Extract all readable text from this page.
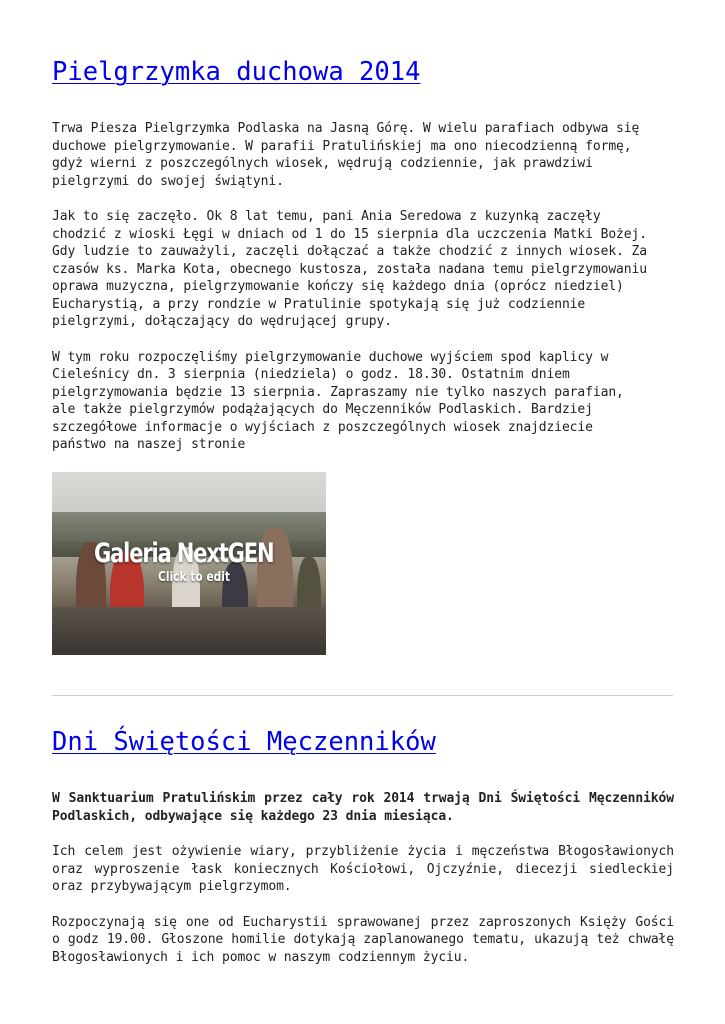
Pielgrzymka duchowa 2014

Trwa Piesza Pielgrzymka Podlaska na Jasną Górę. W wielu parafiach odbywa się
duchowe pielgrzymowanie. W parafii Pratulińskiej ma ono niecodzienną formę,
gdyż wierni z poszczególnych wiosek, wędrują codziennie, jak prawdziwi
pielgrzymi do swojej świątyni.

Jak to się zaczęło. Ok 8 lat temu, pani Ania Seredowa z kuzynką zaczęły
chodzić z wioski Łęgi w dniach od 1 do 15 sierpnia dla uczczenia Matki Bożej.
Gdy ludzie to zauważyli, zaczęli dołączać a także chodzić z innych wiosek. Za
czasów ks. Marka Kota, obecnego kustosza, została nadana temu pielgrzymowaniu
oprawa muzyczna, pielgrzymowanie kończy się każdego dnia (oprócz niedziel)
Eucharystią, a przy rondzie w Pratulinie spotykają się już codziennie
pielgrzymi, dołączający do wędrującej grupy.

W tym roku rozpoczęliśmy pielgrzymowanie duchowe wyjściem spod kaplicy w
Cieleśnicy dn. 3 sierpnia (niedziela) o godz. 18.30. Ostatnim dniem
pielgrzymowania będzie 13 sierpnia. Zapraszamy nie tylko naszych parafian,
ale także pielgrzymów podążających do Męczenników Podlaskich. Bardziej
szczegółowe informacje o wyjściach z poszczególnych wiosek znajdziecie
państwo na naszej stronie

Galeria NextGEN
Click to edit
Dni Świętości Męczenników

W Sanktuarium Pratulińskim przez cały rok 2014 trwają Dni Świętości Męczenników Podlaskich, odbywające się każdego 23 dnia miesiąca.

Ich celem jest ożywienie wiary, przybliżenie życia i męczeństwa Błogosławionych oraz wyproszenie łask koniecznych Kościołowi, Ojczyźnie, diecezji siedleckiej oraz przybywającym pielgrzymom.

Rozpoczynają się one od Eucharystii sprawowanej przez zaproszonych Księży Gości o godz 19.00. Głoszone homilie dotykają zaplanowanego tematu, ukazują też chwałę Błogosławionych i ich pomoc w naszym codziennym życiu.
